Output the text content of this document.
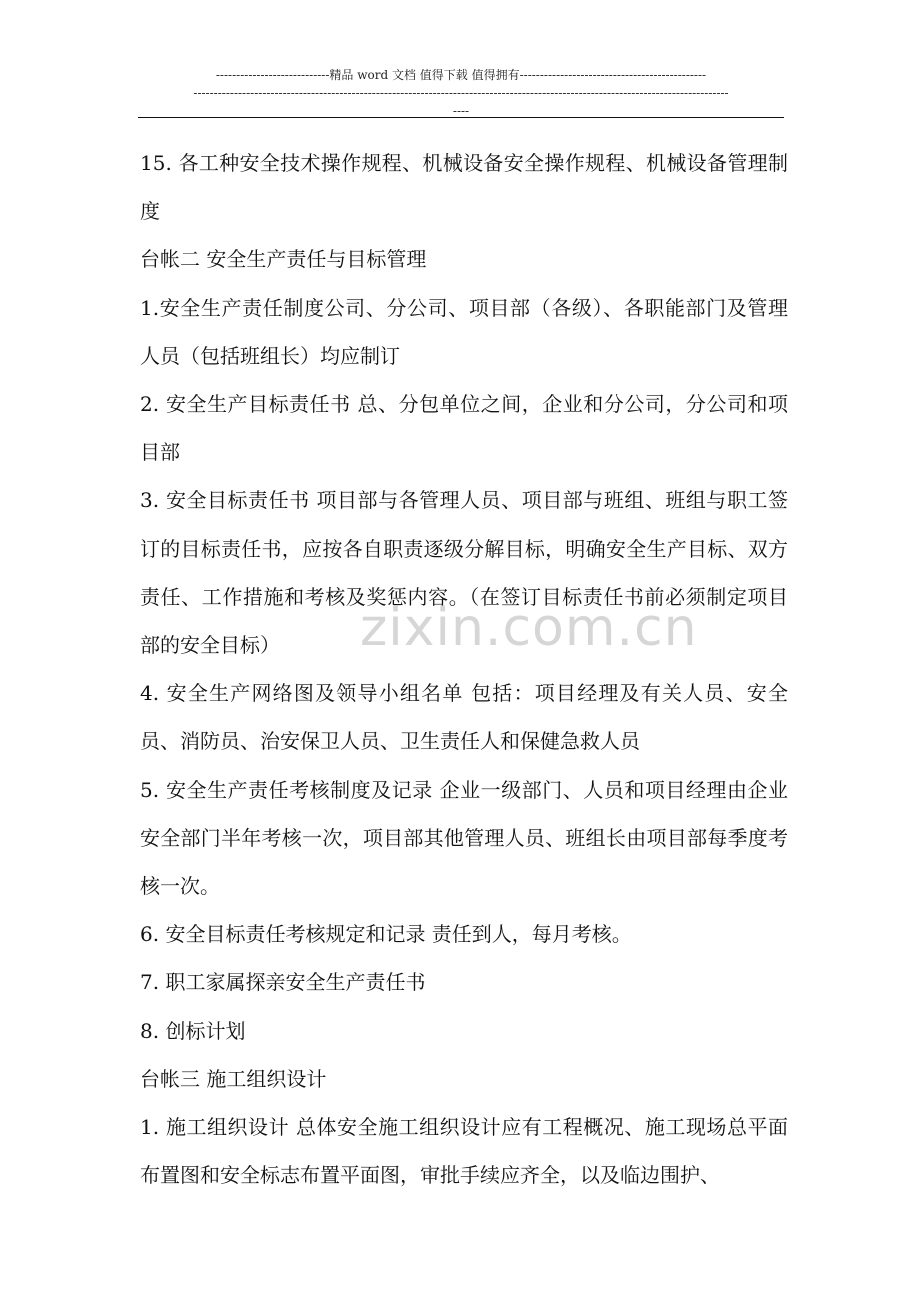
----------------------------精品 word 文档 值得下载 值得拥有----------------------------------------------
------------------------------------------------------------------------------------------------------------------------------------
----

15. 各工种安全技术操作规程、机械设备安全操作规程、机械设备管理制度

台帐二 安全生产责任与目标管理

1.安全生产责任制度公司、分公司、项目部（各级）、各职能部门及管理人员（包括班组长）均应制订

2. 安全生产目标责任书 总、分包单位之间，企业和分公司，分公司和项目部

3. 安全目标责任书 项目部与各管理人员、项目部与班组、班组与职工签订的目标责任书，应按各自职责逐级分解目标，明确安全生产目标、双方责任、工作措施和考核及奖惩内容。（在签订目标责任书前必须制定项目部的安全目标）

4. 安全生产网络图及领导小组名单 包括：项目经理及有关人员、安全员、消防员、治安保卫人员、卫生责任人和保健急救人员

5. 安全生产责任考核制度及记录 企业一级部门、人员和项目经理由企业安全部门半年考核一次，项目部其他管理人员、班组长由项目部每季度考核一次。

6. 安全目标责任考核规定和记录 责任到人，每月考核。

7. 职工家属探亲安全生产责任书

8. 创标计划

台帐三 施工组织设计

1. 施工组织设计 总体安全施工组织设计应有工程概况、施工现场总平面布置图和安全标志布置平面图，审批手续应齐全，以及临边围护、

zixin.com.cn
